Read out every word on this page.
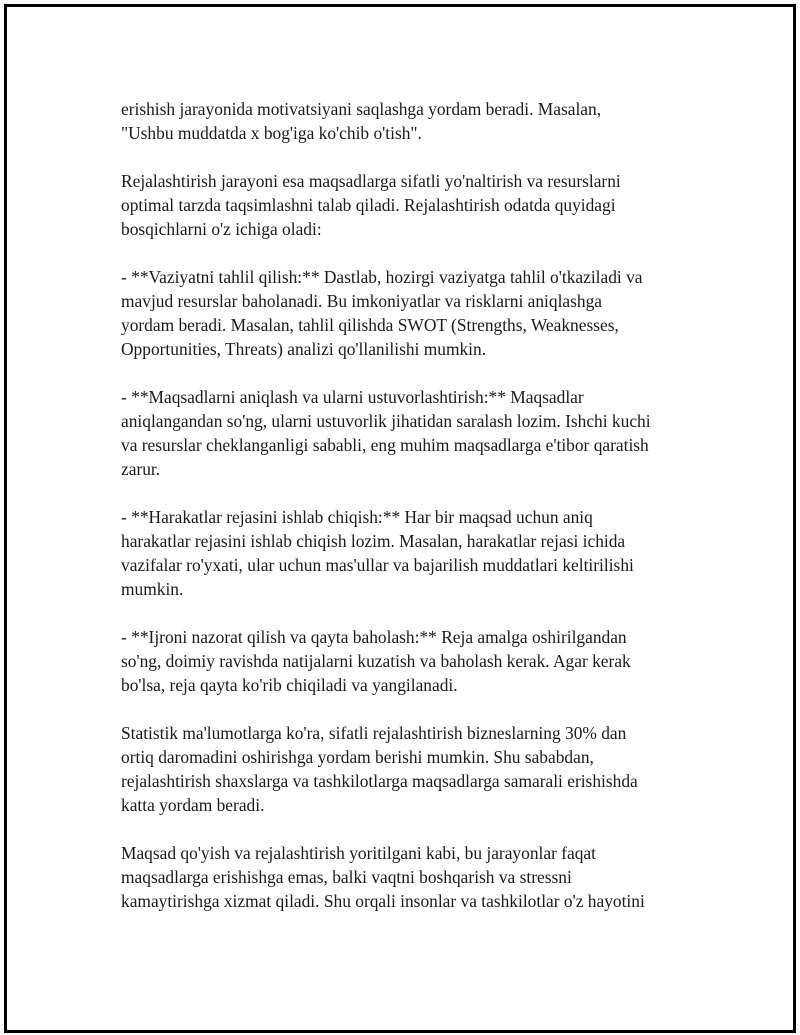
erishish jarayonida motivatsiyani saqlashga yordam beradi. Masalan,
"Ushbu muddatda x bog'iga ko'chib o'tish".

Rejalashtirish jarayoni esa maqsadlarga sifatli yo'naltirish va resurslarni
optimal tarzda taqsimlashni talab qiladi. Rejalashtirish odatda quyidagi
bosqichlarni o'z ichiga oladi:

- **Vaziyatni tahlil qilish:** Dastlab, hozirgi vaziyatga tahlil o'tkaziladi va
mavjud resurslar baholanadi. Bu imkoniyatlar va risklarni aniqlashga
yordam beradi. Masalan, tahlil qilishda SWOT (Strengths, Weaknesses,
Opportunities, Threats) analizi qo'llanilishi mumkin.

- **Maqsadlarni aniqlash va ularni ustuvorlashtirish:** Maqsadlar
aniqlangandan so'ng, ularni ustuvorlik jihatidan saralash lozim. Ishchi kuchi
va resurslar cheklanganligi sababli, eng muhim maqsadlarga e'tibor qaratish
zarur.

- **Harakatlar rejasini ishlab chiqish:** Har bir maqsad uchun aniq
harakatlar rejasini ishlab chiqish lozim. Masalan, harakatlar rejasi ichida
vazifalar ro'yxati, ular uchun mas'ullar va bajarilish muddatlari keltirilishi
mumkin.

- **Ijroni nazorat qilish va qayta baholash:** Reja amalga oshirilgandan
so'ng, doimiy ravishda natijalarni kuzatish va baholash kerak. Agar kerak
bo'lsa, reja qayta ko'rib chiqiladi va yangilanadi.

Statistik ma'lumotlarga ko'ra, sifatli rejalashtirish bizneslarning 30% dan
ortiq daromadini oshirishga yordam berishi mumkin. Shu sababdan,
rejalashtirish shaxslarga va tashkilotlarga maqsadlarga samarali erishishda
katta yordam beradi.

Maqsad qo'yish va rejalashtirish yoritilgani kabi, bu jarayonlar faqat
maqsadlarga erishishga emas, balki vaqtni boshqarish va stressni
kamaytirishga xizmat qiladi. Shu orqali insonlar va tashkilotlar o'z hayotini
